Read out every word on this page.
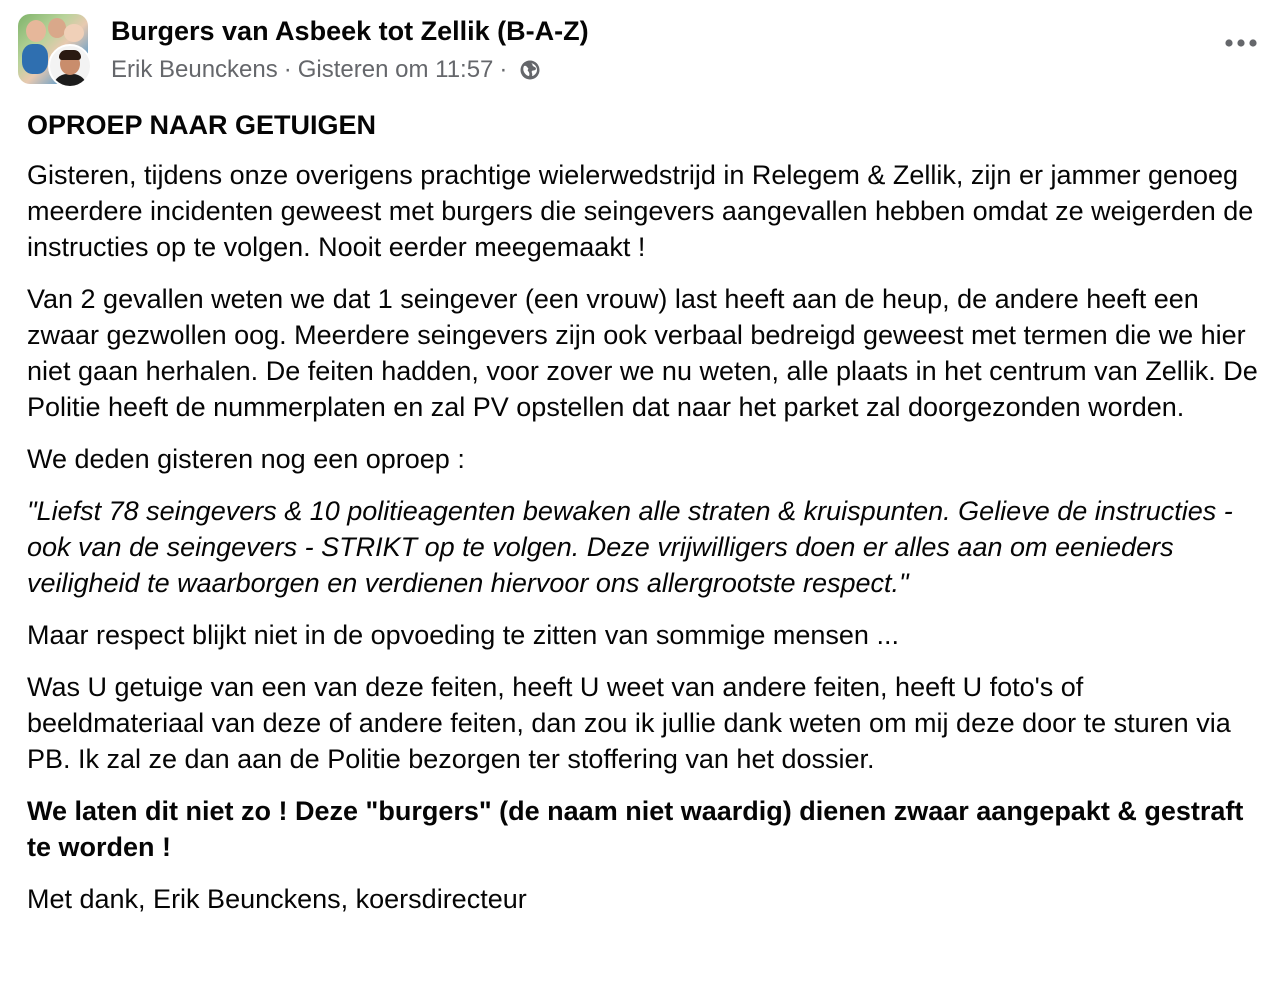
Burgers van Asbeek tot Zellik (B-A-Z)
Erik Beunckens · Gisteren om 11:57 ·

OPROEP NAAR GETUIGEN

Gisteren, tijdens onze overigens prachtige wielerwedstrijd in Relegem & Zellik, zijn er jammer genoeg meerdere incidenten geweest met burgers die seingevers aangevallen hebben omdat ze weigerden de instructies op te volgen. Nooit eerder meegemaakt !

Van 2 gevallen weten we dat 1 seingever (een vrouw) last heeft aan de heup, de andere heeft een zwaar gezwollen oog. Meerdere seingevers zijn ook verbaal bedreigd geweest met termen die we hier niet gaan herhalen. De feiten hadden, voor zover we nu weten, alle plaats in het centrum van Zellik. De Politie heeft de nummerplaten en zal PV opstellen dat naar het parket zal doorgezonden worden.

We deden gisteren nog een oproep :

"Liefst 78 seingevers & 10 politieagenten bewaken alle straten & kruispunten. Gelieve de instructies - ook van de seingevers - STRIKT op te volgen. Deze vrijwilligers doen er alles aan om eenieders veiligheid te waarborgen en verdienen hiervoor ons allergrootste respect."

Maar respect blijkt niet in de opvoeding te zitten van sommige mensen ...

Was U getuige van een van deze feiten, heeft U weet van andere feiten, heeft U foto's of beeldmateriaal van deze of andere feiten, dan zou ik jullie dank weten om mij deze door te sturen via PB. Ik zal ze dan aan de Politie bezorgen ter stoffering van het dossier.

We laten dit niet zo ! Deze "burgers" (de naam niet waardig) dienen zwaar aangepakt & gestraft te worden !

Met dank, Erik Beunckens, koersdirecteur
